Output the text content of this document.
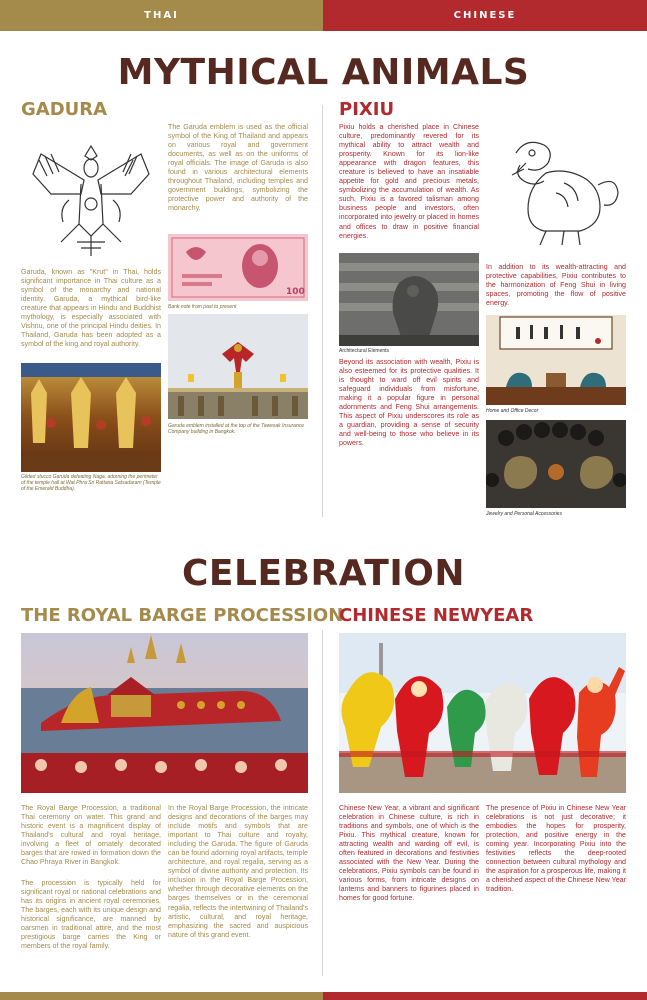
THAI	CHINESE
MYTHICAL ANIMALS
GADURA
Garuda, known as "Krut" in Thai, holds significant importance in Thai culture as a symbol of the monarchy and national identity. Garuda, a mythical bird-like creature that appears in Hindu and Buddhist mythology, is especially associated with Vishnu, one of the principal Hindu deities. In Thailand, Garuda has been adopted as a symbol of the king and royal authority.
Gilded stucco Garuda defeating Naga, adorning the perimeter of the temple hall at Wat Phra Sri Rattana Satsadaram (Temple of the Emerald Buddha).
The Garuda emblem is used as the official symbol of the King of Thailand and appears on various royal and government documents, as well as on the uniforms of royal officials. The image of Garuda is also found in various architectural elements throughout Thailand, including temples and government buildings, symbolizing the protective power and authority of the monarchy.
100
Bank note from past to present
Garuda emblem installed at the top of the Tawesak Insurance Company building in Bangkok.
PIXIU
Pixiu holds a cherished place in Chinese culture, predominantly revered for its mythical ability to attract wealth and prosperity. Known for its lion-like appearance with dragon features, this creature is believed to have an insatiable appetite for gold and precious metals, symbolizing the accumulation of wealth. As such, Pixiu is a favored talisman among business people and investors, often incorporated into jewelry or placed in homes and offices to draw in positive financial energies.
Architectural Elements
Beyond its association with wealth, Pixiu is also esteemed for its protective qualities. It is thought to ward off evil spirits and safeguard individuals from misfortune, making it a popular figure in personal adornments and Feng Shui arrangements. This aspect of Pixiu underscores its role as a guardian, providing a sense of security and well-being to those who believe in its powers.
In addition to its wealth-attracting and protective capabilities, Pixiu contributes to the harmonization of Feng Shui in living spaces, promoting the flow of positive energy.
Home and Office Decor
Jewelry and Personal Accessories
CELEBRATION
THE ROYAL BARGE PROCESSION
The Royal Barge Procession, a traditional Thai ceremony on water. This grand and historic event is a magnificent display of Thailand's cultural and royal heritage, involving a fleet of ornately decorated barges that are rowed in formation down the Chao Phraya River in Bangkok.
The procession is typically held for significant royal or national celebrations and has its origins in ancient royal ceremonies. The barges, each with its unique design and historical significance, are manned by oarsmen in traditional attire, and the most prestigious barge carries the King or members of the royal family.
In the Royal Barge Procession, the intricate designs and decorations of the barges may include motifs and symbols that are important to Thai culture and royalty, including the Garuda. The figure of Garuda can be found adorning royal artifacts, temple architecture, and royal regalia, serving as a symbol of divine authority and protection. Its inclusion in the Royal Barge Procession, whether through decorative elements on the barges themselves or in the ceremonial regalia, reflects the intertwining of Thailand's artistic, cultural, and royal heritage, emphasizing the sacred and auspicious nature of this grand event.
CHINESE NEWYEAR
Chinese New Year, a vibrant and significant celebration in Chinese culture, is rich in traditions and symbols, one of which is the Pixiu. This mythical creature, known for attracting wealth and warding off evil, is often featured in decorations and festivities associated with the New Year. During the celebrations, Pixiu symbols can be found in various forms, from intricate designs on lanterns and banners to figurines placed in homes for good fortune.
The presence of Pixiu in Chinese New Year celebrations is not just decorative; it embodies the hopes for prosperity, protection, and positive energy in the coming year. Incorporating Pixiu into the festivities reflects the deep-rooted connection between cultural mythology and the aspiration for a prosperous life, making it a cherished aspect of the Chinese New Year tradition.
